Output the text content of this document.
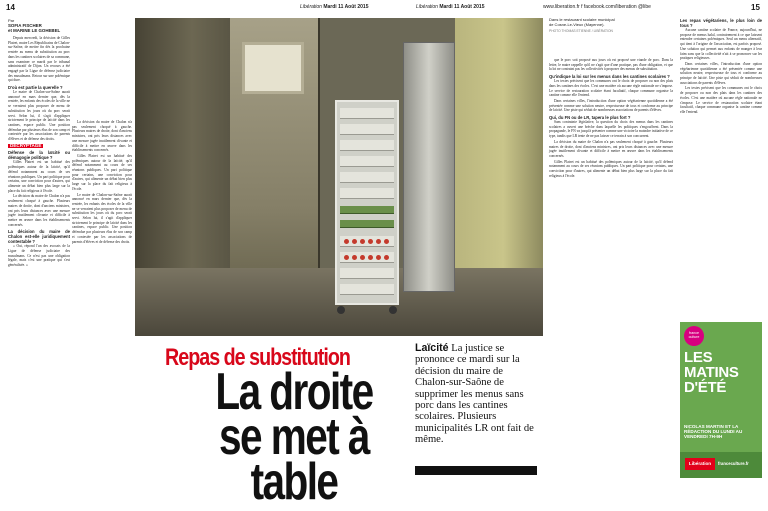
14	Libération Mardi 11 Août 2015	Libération Mardi 11 Août 2015	www.liberation.fr f facebook.com/liberation @libe	15
Par
SOFIA FISCHER
et MARINE LE GOHEBEL

Depuis mercredi, la décision de Gilles Platret, maire Les Républicains de Chalon-sur-Saône, de mettre fin dès la prochaine rentrée au menu de substitution au porc dans les cantines scolaires de sa commune, sans examiner ce mardi par le tribunal administratif de Dijon. Un recours a été engagé par la Ligue de défense judiciaire des musulmans. Retour sur une polémique qui dure.

D'où est partie la querelle ?

Le maire de Chalon-sur-Saône aurait annoncé en mars dernier que, dès la rentrée, les enfants des écoles de la ville ne se verraient plus proposer de menu de substitution les jours où du porc serait servi. Selon lui, il s'agit d'appliquer strictement le principe de laïcité dans les cantines, espace public. Une position défendue par plusieurs élus de son camp et contestée par les associations de parents d'élèves et de défense des droits.

DÉCRYPTAGE
Défense de la laïcité ou démagogie politique ?

Gilles Platret est un habitué des polémiques autour de la laïcité, qu'il défend notamment au cours de ses réunions publiques. Un pari politique pour certains, une conviction pour d'autres, qui alimente un débat bien plus large sur la place du fait religieux à l'école.

La décision du maire de Chalon n'a pas seulement choqué à gauche. Plusieurs maires de droite, dont d'anciens ministres, ont pris leurs distances avec une mesure jugée inutilement clivante et difficile à mettre en œuvre dans les établissements concernés.

La décision du maire de Chalon est-elle juridiquement contestable ?

« Oui, répond l'un des avocats de la Ligue de défense judiciaire des musulmans. Ce n'est pas une obligation légale, mais c'est une pratique qui s'est généralisée. »

La décision du maire de Chalon n'a pas seulement choqué à gauche. Plusieurs maires de droite, dont d'anciens ministres, ont pris leurs distances avec une mesure jugée inutilement clivante et difficile à mettre en œuvre dans les établissements concernés.

Gilles Platret est un habitué des polémiques autour de la laïcité, qu'il défend notamment au cours de ses réunions publiques. Un pari politique pour certains, une conviction pour d'autres, qui alimente un débat bien plus large sur la place du fait religieux à l'école.

Le maire de Chalon-sur-Saône aurait annoncé en mars dernier que, dès la rentrée, les enfants des écoles de la ville ne se verraient plus proposer de menu de substitution les jours où du porc serait servi. Selon lui, il s'agit d'appliquer strictement le principe de laïcité dans les cantines, espace public. Une position défendue par plusieurs élus de son camp et contestée par les associations de parents d'élèves et de défense des droits.

Repas de substitution
La droite
se met à table
Laïcité La justice se prononce ce mardi sur la décision du maire de Chalon-sur-Saône de supprimer les menus sans porc dans les cantines scolaires. Plusieurs municipalités LR ont fait de même.
Dans le restaurant scolaire municipal de Cosne-Le-Vieux (Mayenne).
PHOTO THOMAS ETIENNE / LIBÉRATION

que le porc soit proposé aux jours où est proposé une viande de porc. Dans la lettre, le maire rappelle qu'il ne s'agit que d'une pratique, pas d'une obligation, et que la loi ne contraint pas les collectivités à proposer des menus de substitution.

Qu'indique la loi sur les menus dans les cantines scolaires ?

Les textes précisent que les communes ont le choix de proposer ou non des plats dans les cantines des écoles. C'est une matière où aucune règle nationale ne s'impose. Le service de restauration scolaire étant facultatif, chaque commune organise la cantine comme elle l'entend.

Dans certaines villes, l'introduction d'une option végétarienne quotidienne a été présentée comme une solution neutre, respectueuse de tous et conforme au principe de laïcité. Une piste qui séduit de nombreuses associations de parents d'élèves.

Qui, du FN ou de LR, tapera le plus fort ?

Sans contrainte législative, la question du choix des menus dans les cantines scolaires a ouvert une brèche dans laquelle les politiques s'engouffrent. Dans la propagande, le FN va jusqu'à présenter comme une victoire la moindre initiative de ce type, tandis que LR tente de ne pas laisser ce terrain à son concurrent.

La décision du maire de Chalon n'a pas seulement choqué à gauche. Plusieurs maires de droite, dont d'anciens ministres, ont pris leurs distances avec une mesure jugée inutilement clivante et difficile à mettre en œuvre dans les établissements concernés.

Gilles Platret est un habitué des polémiques autour de la laïcité, qu'il défend notamment au cours de ses réunions publiques. Un pari politique pour certains, une conviction pour d'autres, qui alimente un débat bien plus large sur la place du fait religieux à l'école.

Les repas végétariens, le plus loin de tous ?

Aucune cantine scolaire de France, aujourd'hui, ne propose de menus halal, contrairement à ce que laissent entendre certaines polémiques. Seul un menu alternatif, qui tient à l'origine de l'association, est parfois proposé. Une solution qui permet aux enfants de manger à leur faim sans que la collectivité n'ait à se prononcer sur les pratiques religieuses.

Dans certaines villes, l'introduction d'une option végétarienne quotidienne a été présentée comme une solution neutre, respectueuse de tous et conforme au principe de laïcité. Une piste qui séduit de nombreuses associations de parents d'élèves.

Les textes précisent que les communes ont le choix de proposer ou non des plats dans les cantines des écoles. C'est une matière où aucune règle nationale ne s'impose. Le service de restauration scolaire étant facultatif, chaque commune organise la cantine comme elle l'entend.

france culture
LES MATINS D'ÉTÉ
NICOLAS MARTIN ET LA RÉDACTION DU LUNDI AU VENDREDI 7H-9H
Libération	franceculture.fr
